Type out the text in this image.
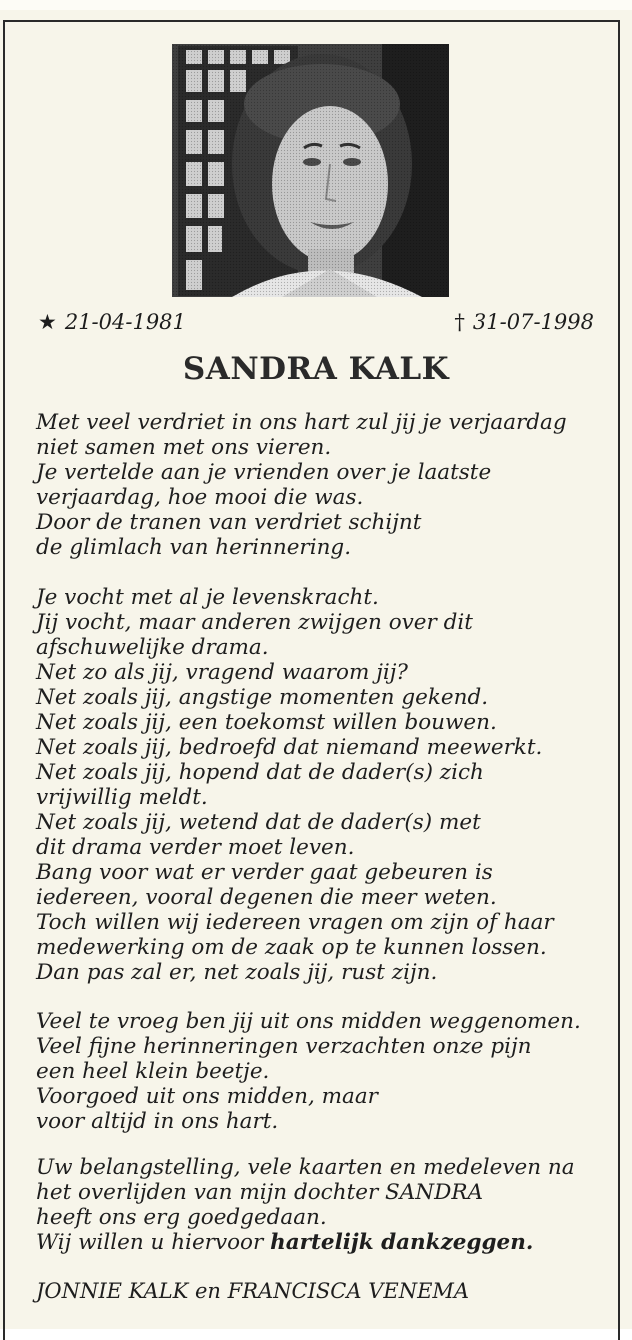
★ 21-04-1981	† 31-07-1998
SANDRA KALK
Met veel verdriet in ons hart zul jij je verjaardag
niet samen met ons vieren.
Je vertelde aan je vrienden over je laatste
verjaardag, hoe mooi die was.
Door de tranen van verdriet schijnt
de glimlach van herinnering.
Je vocht met al je levenskracht.
Jij vocht, maar anderen zwijgen over dit
afschuwelijke drama.
Net zo als jij, vragend waarom jij?
Net zoals jij, angstige momenten gekend.
Net zoals jij, een toekomst willen bouwen.
Net zoals jij, bedroefd dat niemand meewerkt.
Net zoals jij, hopend dat de dader(s) zich
vrijwillig meldt.
Net zoals jij, wetend dat de dader(s) met
dit drama verder moet leven.
Bang voor wat er verder gaat gebeuren is
iedereen, vooral degenen die meer weten.
Toch willen wij iedereen vragen om zijn of haar
medewerking om de zaak op te kunnen lossen.
Dan pas zal er, net zoals jij, rust zijn.
Veel te vroeg ben jij uit ons midden weggenomen.
Veel fijne herinneringen verzachten onze pijn
een heel klein beetje.
Voorgoed uit ons midden, maar
voor altijd in ons hart.
Uw belangstelling, vele kaarten en medeleven na
het overlijden van mijn dochter SANDRA
heeft ons erg goedgedaan.
Wij willen u hiervoor hartelijk dankzeggen.
JONNIE KALK en FRANCISCA VENEMA
